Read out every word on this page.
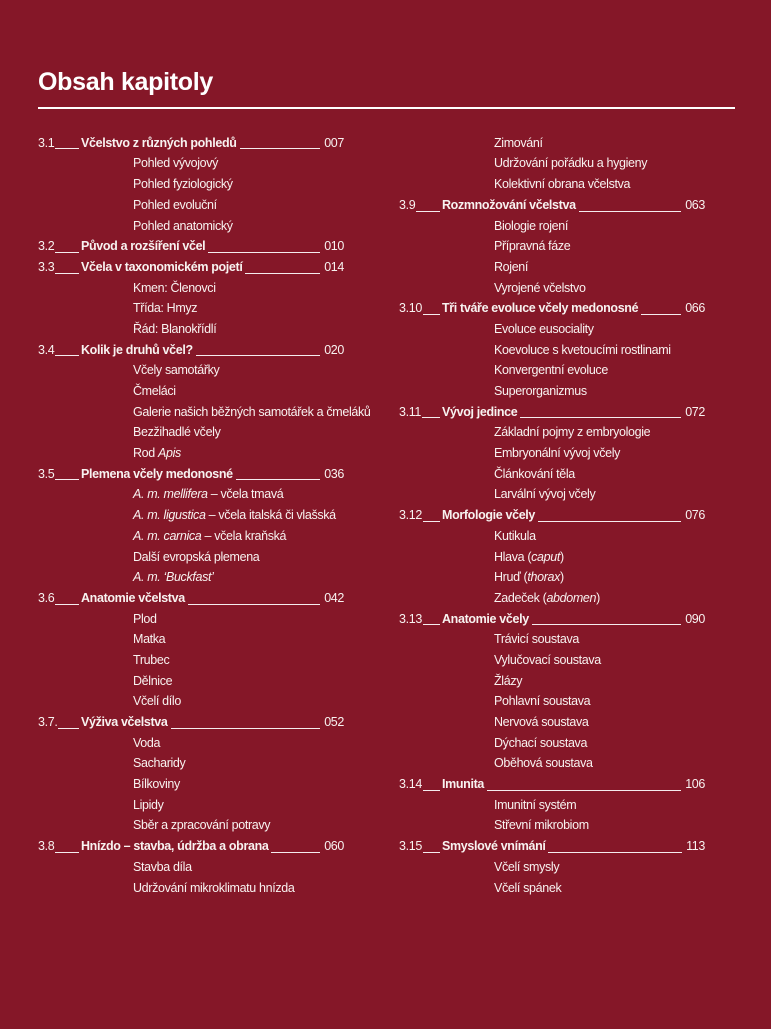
Obsah kapitoly
3.1 Včelstvo z různých pohledů	007
Pohled vývojový
Pohled fyziologický
Pohled evoluční
Pohled anatomický
3.2 Původ a rozšíření včel	010
3.3 Včela v taxonomickém pojetí	014
Kmen: Členovci
Třída: Hmyz
Řád: Blanokřídlí
3.4 Kolik je druhů včel?	020
Včely samotářky
Čmeláci
Galerie našich běžných samotářek a čmeláků
Bezžihadlé včely
Rod Apis
3.5 Plemena včely medonosné	036
A. m. mellifera – včela tmavá
A. m. ligustica – včela italská či vlašská
A. m. carnica – včela kraňská
Další evropská plemena
A. m. ‘Buckfast’
3.6 Anatomie včelstva	042
Plod
Matka
Trubec
Dělnice
Včelí dílo
3.7. Výživa včelstva	052
Voda
Sacharidy
Bílkoviny
Lipidy
Sběr a zpracování potravy
3.8 Hnízdo – stavba, údržba a obrana	060
Stavba díla
Udržování mikroklimatu hnízda
Zimování
Udržování pořádku a hygieny
Kolektivní obrana včelstva
3.9 Rozmnožování včelstva	063
Biologie rojení
Přípravná fáze
Rojení
Vyrojené včelstvo
3.10 Tři tváře evoluce včely medonosné	066
Evoluce eusociality
Koevoluce s kvetoucími rostlinami
Konvergentní evoluce
Superorganizmus
3.11 Vývoj jedince	072
Základní pojmy z embryologie
Embryonální vývoj včely
Článkování těla
Larvální vývoj včely
3.12 Morfologie včely	076
Kutikula
Hlava (caput)
Hruď (thorax)
Zadeček (abdomen)
3.13 Anatomie včely	090
Trávicí soustava
Vylučovací soustava
Žlázy
Pohlavní soustava
Nervová soustava
Dýchací soustava
Oběhová soustava
3.14 Imunita	106
Imunitní systém
Střevní mikrobiom
3.15 Smyslové vnímání	113
Včelí smysly
Včelí spánek
